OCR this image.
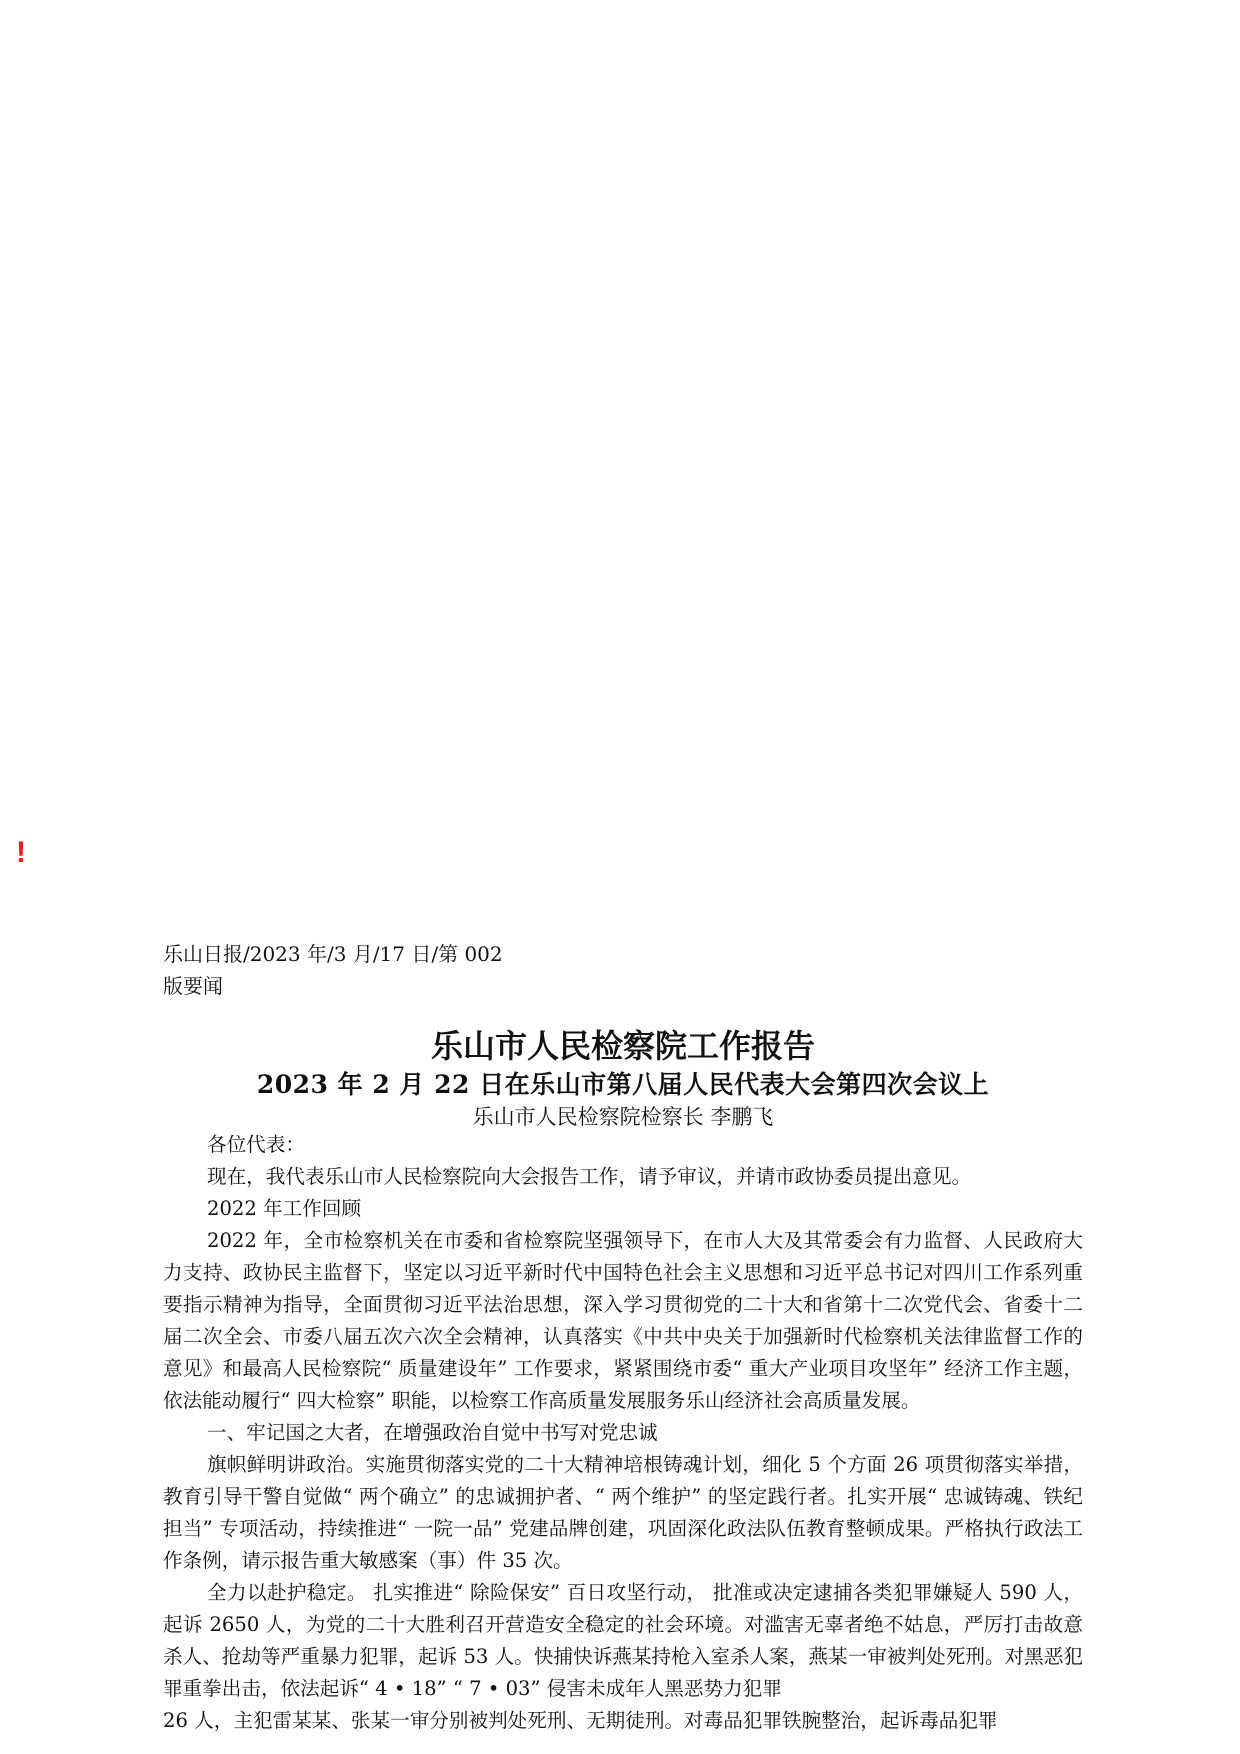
!
乐山日报/2023 年/3 月/17 日/第 002
版要闻
乐山市人民检察院工作报告
2023 年 2 月 22 日在乐山市第八届人民代表大会第四次会议上
乐山市人民检察院检察长 李鹏飞

各位代表：

现在，我代表乐山市人民检察院向大会报告工作，请予审议，并请市政协委员提出意见。

2022 年工作回顾

2022 年，全市检察机关在市委和省检察院坚强领导下，在市人大及其常委会有力监督、人民政府大力支持、政协民主监督下，坚定以习近平新时代中国特色社会主义思想和习近平总书记对四川工作系列重要指示精神为指导，全面贯彻习近平法治思想，深入学习贯彻党的二十大和省第十二次党代会、省委十二届二次全会、市委八届五次六次全会精神，认真落实《中共中央关于加强新时代检察机关法律监督工作的意见》和最高人民检察院“ 质量建设年” 工作要求，紧紧围绕市委“ 重大产业项目攻坚年” 经济工作主题，依法能动履行“ 四大检察” 职能，以检察工作高质量发展服务乐山经济社会高质量发展。

一、牢记国之大者，在增强政治自觉中书写对党忠诚

旗帜鲜明讲政治。实施贯彻落实党的二十大精神培根铸魂计划，细化 5 个方面 26 项贯彻落实举措，教育引导干警自觉做“ 两个确立” 的忠诚拥护者、“ 两个维护” 的坚定践行者。扎实开展“ 忠诚铸魂、铁纪担当” 专项活动，持续推进“ 一院一品” 党建品牌创建，巩固深化政法队伍教育整顿成果。严格执行政法工作条例，请示报告重大敏感案（事）件 35 次。

全力以赴护稳定。 扎实推进“ 除险保安” 百日攻坚行动， 批准或决定逮捕各类犯罪嫌疑人 590 人，起诉 2650 人，为党的二十大胜利召开营造安全稳定的社会环境。对滥害无辜者绝不姑息，严厉打击故意杀人、抢劫等严重暴力犯罪，起诉 53 人。快捕快诉燕某持枪入室杀人案，燕某一审被判处死刑。对黑恶犯罪重拳出击，依法起诉“ 4 • 18” “ 7 • 03” 侵害未成年人黑恶势力犯罪

26 人，主犯雷某某、张某一审分别被判处死刑、无期徒刑。对毒品犯罪铁腕整治，起诉毒品犯罪
